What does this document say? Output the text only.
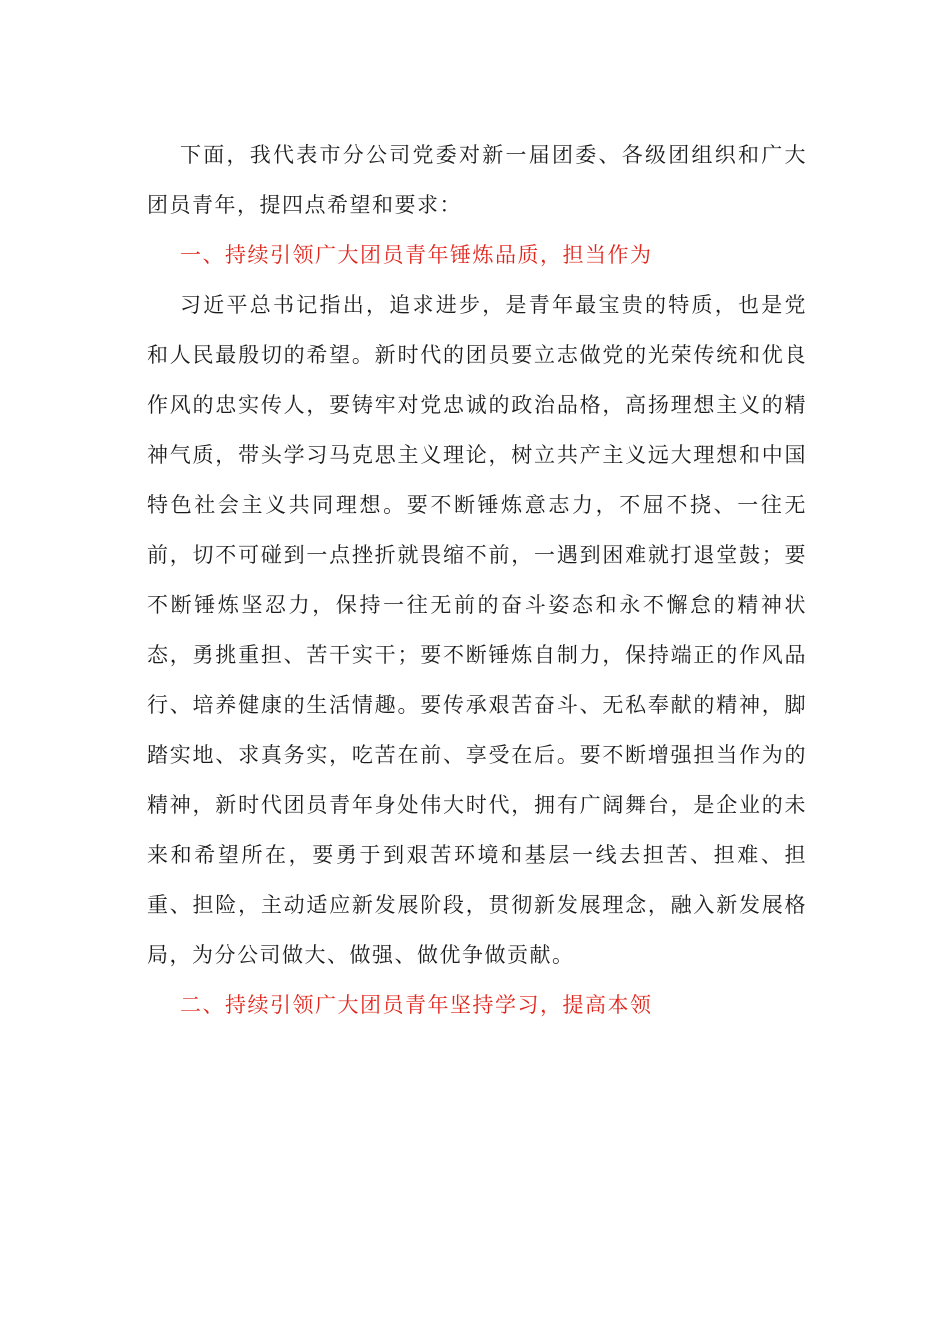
下面，我代表市分公司党委对新一届团委、各级团组织和广大团员青年，提四点希望和要求：

一、持续引领广大团员青年锤炼品质，担当作为

习近平总书记指出，追求进步，是青年最宝贵的特质，也是党和人民最殷切的希望。新时代的团员要立志做党的光荣传统和优良作风的忠实传人，要铸牢对党忠诚的政治品格，高扬理想主义的精神气质，带头学习马克思主义理论，树立共产主义远大理想和中国特色社会主义共同理想。要不断锤炼意志力，不屈不挠、一往无前，切不可碰到一点挫折就畏缩不前，一遇到困难就打退堂鼓；要不断锤炼坚忍力，保持一往无前的奋斗姿态和永不懈怠的精神状态，勇挑重担、苦干实干；要不断锤炼自制力，保持端正的作风品行、培养健康的生活情趣。要传承艰苦奋斗、无私奉献的精神，脚踏实地、求真务实，吃苦在前、享受在后。要不断增强担当作为的精神，新时代团员青年身处伟大时代，拥有广阔舞台，是企业的未来和希望所在，要勇于到艰苦环境和基层一线去担苦、担难、担重、担险，主动适应新发展阶段，贯彻新发展理念，融入新发展格局，为分公司做大、做强、做优争做贡献。

二、持续引领广大团员青年坚持学习，提高本领
